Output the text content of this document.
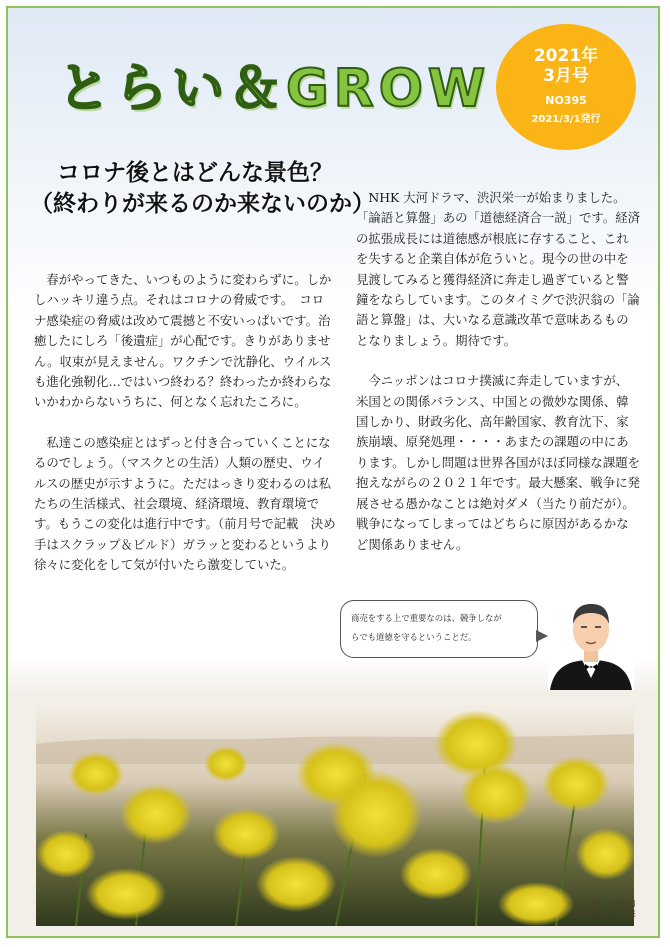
とらい＆GROW
2021年
3月号
NO395
2021/3/1発行
コロナ後とはどんな景色？
（終わりが来るのか来ないのか）

　春がやってきた、いつものように変わらずに。しかしハッキリ違う点。それはコロナの脅威です。　コロナ感染症の脅威は改めて震撼と不安いっぱいです。治癒したにしろ「後遺症」が心配です。きりがありません。収束が見えません。ワクチンで沈静化、ウイルスも進化強靭化…ではいつ終わる？終わったか終わらないかわからないうちに、何となく忘れたころに。

　私達この感染症とはずっと付き合っていくことになるのでしょう。（マスクとの生活）人類の歴史、ウイルスの歴史が示すように。ただはっきり変わるのは私たちの生活様式、社会環境、経済環境、教育環境です。もうこの変化は進行中です。（前月号で記載　決め手はスクラップ＆ビルド）ガラッと変わるというより　徐々に変化をして気が付いたら激変していた。

　NHK 大河ドラマ、渋沢栄一が始まりました。「論語と算盤」あの「道徳経済合一説」です。経済の拡張成長には道徳感が根底に存すること、これを失すると企業自体が危ういと。現今の世の中を見渡してみると獲得経済に奔走し過ぎていると警鐘をならしています。このタイミグで渋沢翁の「論語と算盤」は、大いなる意識改革で意味あるものとなりましょう。期待です。

　今ニッポンはコロナ撲滅に奔走していますが、米国との関係バランス、中国との微妙な関係、韓国しかり、財政劣化、高年齢国家、教育沈下、家族崩壊、原発処理・・・・あまたの課題の中にあります。しかし問題は世界各国がほぼ同様な課題を抱えながらの２０２１年です。最大懸案、戦争に発展させる愚かなことは絶対ダメ（当たり前だが）。戦争になってしまってはどちらに原因があるかなど関係ありません。

商売をする上で重要なのは、競争しなが
らでも道徳を守るということだ。
三浦　西海山
2021年3月撮影
